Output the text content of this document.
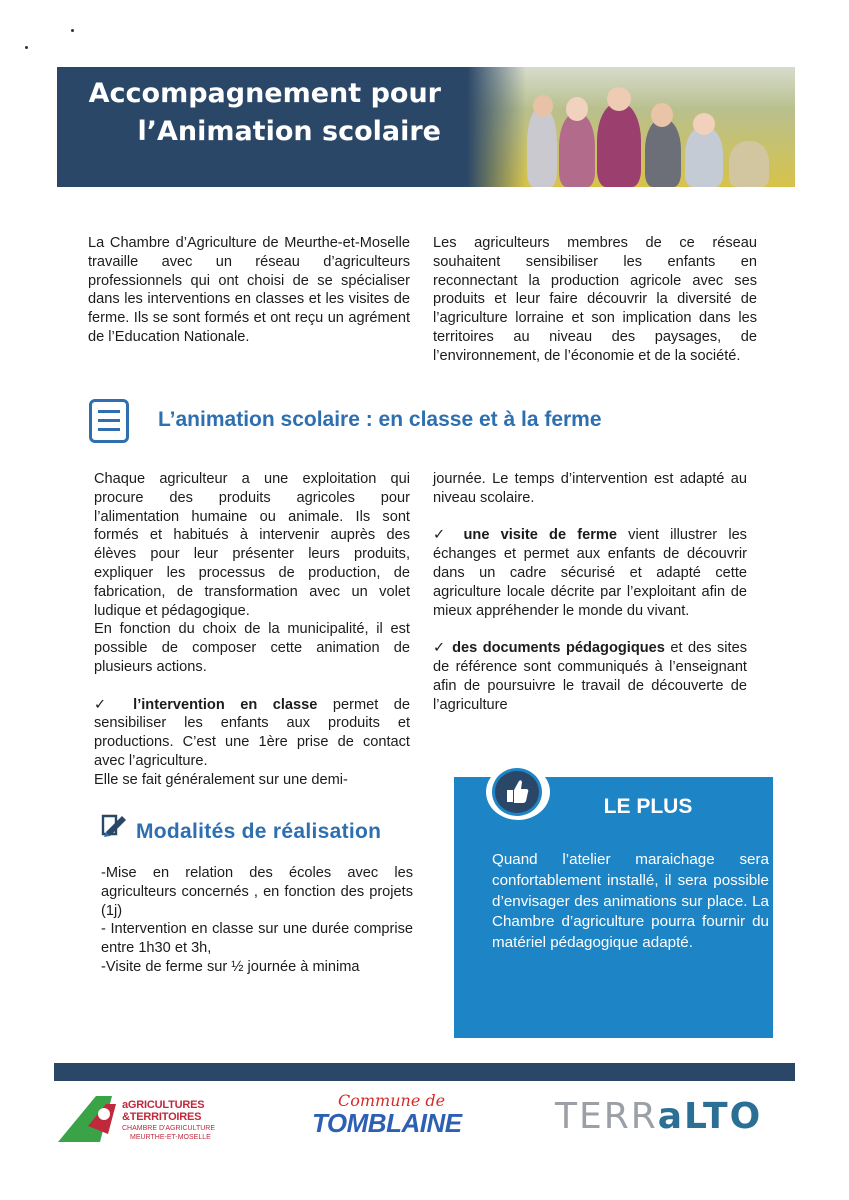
Accompagnement pour
l’Animation scolaire
La Chambre d’Agriculture de Meurthe-et-Moselle travaille avec un réseau d’agriculteurs professionnels qui ont choisi de se spécialiser dans les interventions en classes et les visites de ferme. Ils se sont formés et ont reçu un agrément de l’Education Nationale.
Les agriculteurs membres de ce réseau souhaitent sensibiliser les enfants en reconnectant la production agricole avec ses produits et leur faire découvrir la diversité de l’agriculture lorraine et son implication dans les territoires au niveau des paysages, de l’environnement, de l’économie et de la société.
L’animation scolaire : en classe et à la ferme

Chaque agriculteur a une exploitation qui procure des produits agricoles pour l’alimentation humaine ou animale. Ils sont formés et habitués à intervenir auprès des élèves pour leur présenter leurs produits, expliquer les processus de production, de fabrication, de transformation avec un volet ludique et pédagogique.

En fonction du choix de la municipalité, il est possible de composer cette animation de plusieurs actions.

✓ l’intervention en classe permet de sensibiliser les enfants aux produits et productions. C’est une 1ère prise de contact avec l’agriculture.

Elle se fait généralement sur une demi-

journée. Le temps d’intervention est adapté au niveau scolaire.

✓ une visite de ferme vient illustrer les échanges et permet aux enfants de découvrir dans un cadre sécurisé et adapté cette agriculture locale décrite par l’exploitant afin de mieux appréhender le monde du vivant.

✓ des documents pédagogiques et des sites de référence sont communiqués à l’enseignant afin de poursuivre le travail de découverte de l’agriculture

Modalités de réalisation

-Mise en relation des écoles avec les agriculteurs concernés , en fonction des projets (1j)

- Intervention en classe sur une durée comprise entre 1h30 et 3h,

-Visite de ferme sur ½ journée à minima

LE PLUS
Quand l’atelier maraichage sera confortablement installé, il sera possible d’envisager des animations sur place. La Chambre d’agriculture pourra fournir du matériel pédagogique adapté.
aGRICULTURES
&TERRITOIRES
CHAMBRE D'AGRICULTURE
MEURTHE-ET-MOSELLE
Commune de
TOMBLAINE	TERRaLTO
